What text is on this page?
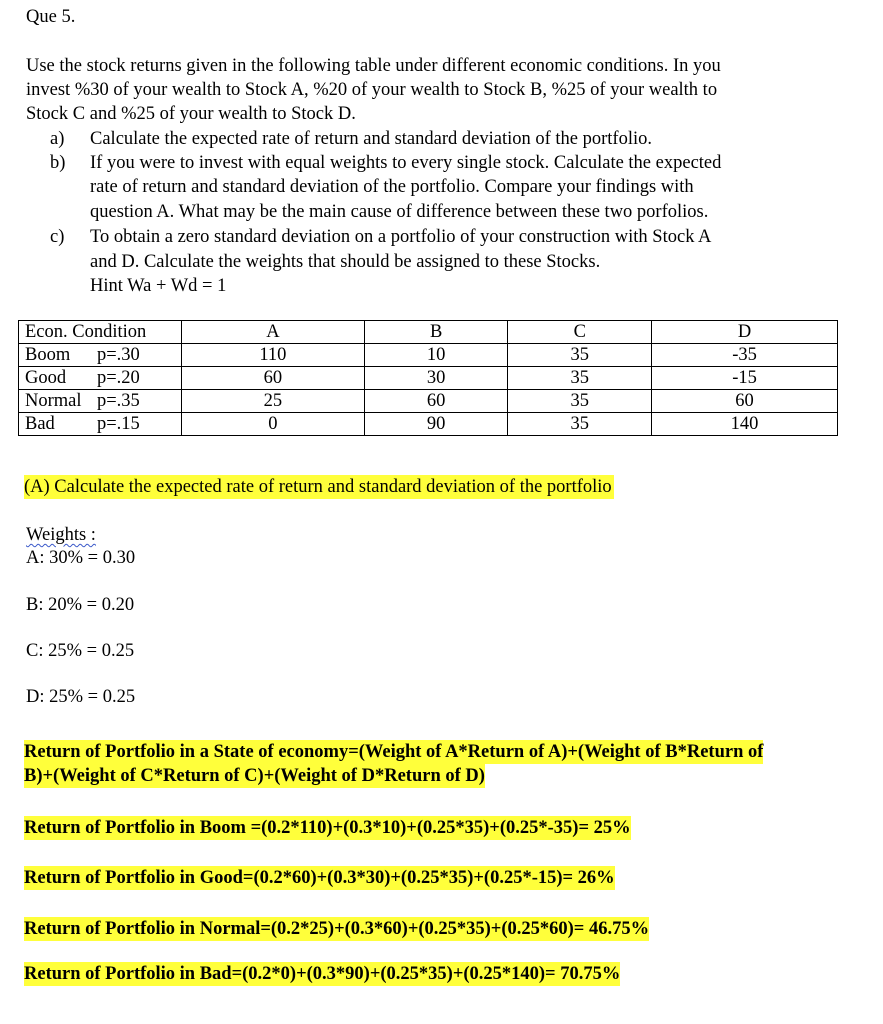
Que 5.
Use the stock returns given in the following table under different economic conditions. In you
invest %30 of your wealth to Stock A, %20 of your wealth to Stock B, %25 of your wealth to
Stock C and %25 of your wealth to Stock D.
a) Calculate the expected rate of return and standard deviation of the portfolio.
b) If you were to invest with equal weights to every single stock. Calculate the expected
rate of return and standard deviation of the portfolio. Compare your findings with
question A. What may be the main cause of difference between these two porfolios.
c) To obtain a zero standard deviation on a portfolio of your construction with Stock A
and D. Calculate the weights that should be assigned to these Stocks.
Hint Wa + Wd = 1
Econ. Condition	A	B	C	D
Boom p=.30	110	10	35	-35
Good p=.20	60	30	35	-15
Normal p=.35	25	60	35	60
Bad p=.15	0	90	35	140
(A) Calculate the expected rate of return and standard deviation of the portfolio
Weights :
A: 30% = 0.30
B: 20% = 0.20
C: 25% = 0.25
D: 25% = 0.25
Return of Portfolio in a State of economy=(Weight of A*Return of A)+(Weight of B*Return of
B)+(Weight of C*Return of C)+(Weight of D*Return of D)
Return of Portfolio in Boom =(0.2*110)+(0.3*10)+(0.25*35)+(0.25*-35)= 25%
Return of Portfolio in Good=(0.2*60)+(0.3*30)+(0.25*35)+(0.25*-15)= 26%
Return of Portfolio in Normal=(0.2*25)+(0.3*60)+(0.25*35)+(0.25*60)= 46.75%
Return of Portfolio in Bad=(0.2*0)+(0.3*90)+(0.25*35)+(0.25*140)= 70.75%
